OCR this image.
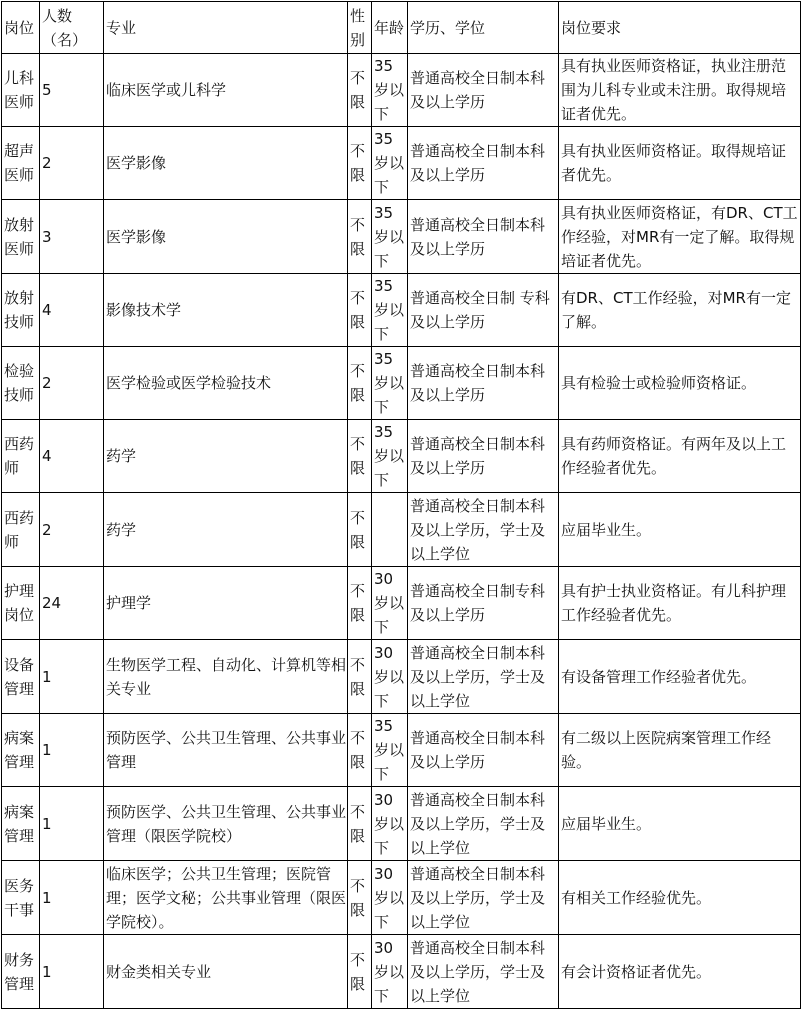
岗位	人数（名）	专业	性别	年龄	学历、学位	岗位要求
儿科医师	5	临床医学或儿科学	不限	35岁以下	普通高校全日制本科及以上学历	具有执业医师资格证，执业注册范围为儿科专业或未注册。取得规培证者优先。
超声医师	2	医学影像	不限	35岁以下	普通高校全日制本科及以上学历	具有执业医师资格证。取得规培证者优先。
放射医师	3	医学影像	不限	35岁以下	普通高校全日制本科及以上学历	具有执业医师资格证，有DR、CT工作经验，对MR有一定了解。取得规培证者优先。
放射技师	4	影像技术学	不限	35岁以下	普通高校全日制 专科及以上学历	有DR、CT工作经验，对MR有一定了解。
检验技师	2	医学检验或医学检验技术	不限	35岁以下	普通高校全日制本科及以上学历	具有检验士或检验师资格证。
西药师	4	药学	不限	35岁以下	普通高校全日制本科及以上学历	具有药师资格证。有两年及以上工作经验者优先。
西药师	2	药学	不限		普通高校全日制本科及以上学历，学士及以上学位	应届毕业生。
护理岗位	24	护理学	不限	30岁以下	普通高校全日制专科及以上学历	具有护士执业资格证。有儿科护理工作经验者优先。
设备管理	1	生物医学工程、自动化、计算机等相关专业	不限	30岁以下	普通高校全日制本科及以上学历，学士及以上学位	有设备管理工作经验者优先。
病案管理	1	预防医学、公共卫生管理、公共事业管理	不限	35岁以下	普通高校全日制本科及以上学历	有二级以上医院病案管理工作经验。
病案管理	1	预防医学、公共卫生管理、公共事业管理（限医学院校）	不限	30岁以下	普通高校全日制本科及以上学历，学士及以上学位	应届毕业生。
医务干事	1	临床医学；公共卫生管理；医院管理；医学文秘；公共事业管理（限医学院校）。	不限	30岁以下	普通高校全日制本科及以上学历，学士及以上学位	有相关工作经验优先。
财务管理	1	财金类相关专业	不限	30岁以下	普通高校全日制本科及以上学历，学士及以上学位	有会计资格证者优先。
